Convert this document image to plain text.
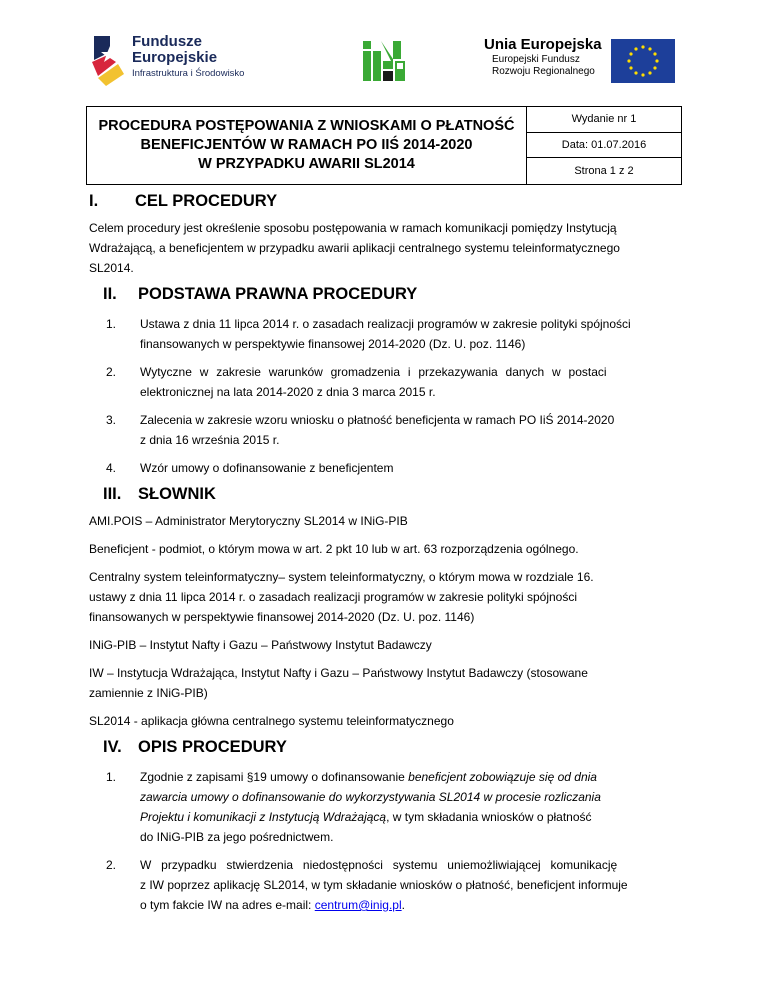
Fundusze
Europejskie
Infrastruktura i Środowisko
Unia Europejska
Europejski Fundusz
Rozwoju Regionalnego
PROCEDURA POSTĘPOWANIA Z WNIOSKAMI O PŁATNOŚĆ
BENEFICJENTÓW W RAMACH PO IIŚ 2014-2020
W PRZYPADKU AWARII SL2014
Wydanie nr 1
Data: 01.07.2016
Strona 1 z 2
I. CEL PROCEDURY
Celem procedury jest określenie sposobu postępowania w ramach komunikacji pomiędzy Instytucją
Wdrażającą, a beneficjentem w przypadku awarii aplikacji centralnego systemu teleinformatycznego
SL2014.
II. PODSTAWA PRAWNA PROCEDURY
1. Ustawa z dnia 11 lipca 2014 r. o zasadach realizacji programów w zakresie polityki spójności
finansowanych w perspektywie finansowej 2014-2020 (Dz. U. poz. 1146)
2. Wytyczne w zakresie warunków gromadzenia i przekazywania danych w postaci
elektronicznej na lata 2014-2020 z dnia 3 marca 2015 r.
3. Zalecenia w zakresie wzoru wniosku o płatność beneficjenta w ramach PO IiŚ 2014-2020
z dnia 16 września 2015 r.
4. Wzór umowy o dofinansowanie z beneficjentem
III. SŁOWNIK
AMI.POIS – Administrator Merytoryczny SL2014 w INiG-PIB
Beneficjent - podmiot, o którym mowa w art. 2 pkt 10 lub w art. 63 rozporządzenia ogólnego.
Centralny system teleinformatyczny– system teleinformatyczny, o którym mowa w rozdziale 16.
ustawy z dnia 11 lipca 2014 r. o zasadach realizacji programów w zakresie polityki spójności
finansowanych w perspektywie finansowej 2014-2020 (Dz. U. poz. 1146)
INiG-PIB – Instytut Nafty i Gazu – Państwowy Instytut Badawczy
IW – Instytucja Wdrażająca, Instytut Nafty i Gazu – Państwowy Instytut Badawczy (stosowane
zamiennie z INiG-PIB)
SL2014 - aplikacja główna centralnego systemu teleinformatycznego
IV. OPIS PROCEDURY
1. Zgodnie z zapisami §19 umowy o dofinansowanie beneficjent zobowiązuje się od dnia
zawarcia umowy o dofinansowanie do wykorzystywania SL2014 w procesie rozliczania
Projektu i komunikacji z Instytucją Wdrażającą, w tym składania wniosków o płatność
do INiG-PIB za jego pośrednictwem.
2. W przypadku stwierdzenia niedostępności systemu uniemożliwiającej komunikację
z IW poprzez aplikację SL2014, w tym składanie wniosków o płatność, beneficjent informuje
o tym fakcie IW na adres e-mail: centrum@inig.pl.
